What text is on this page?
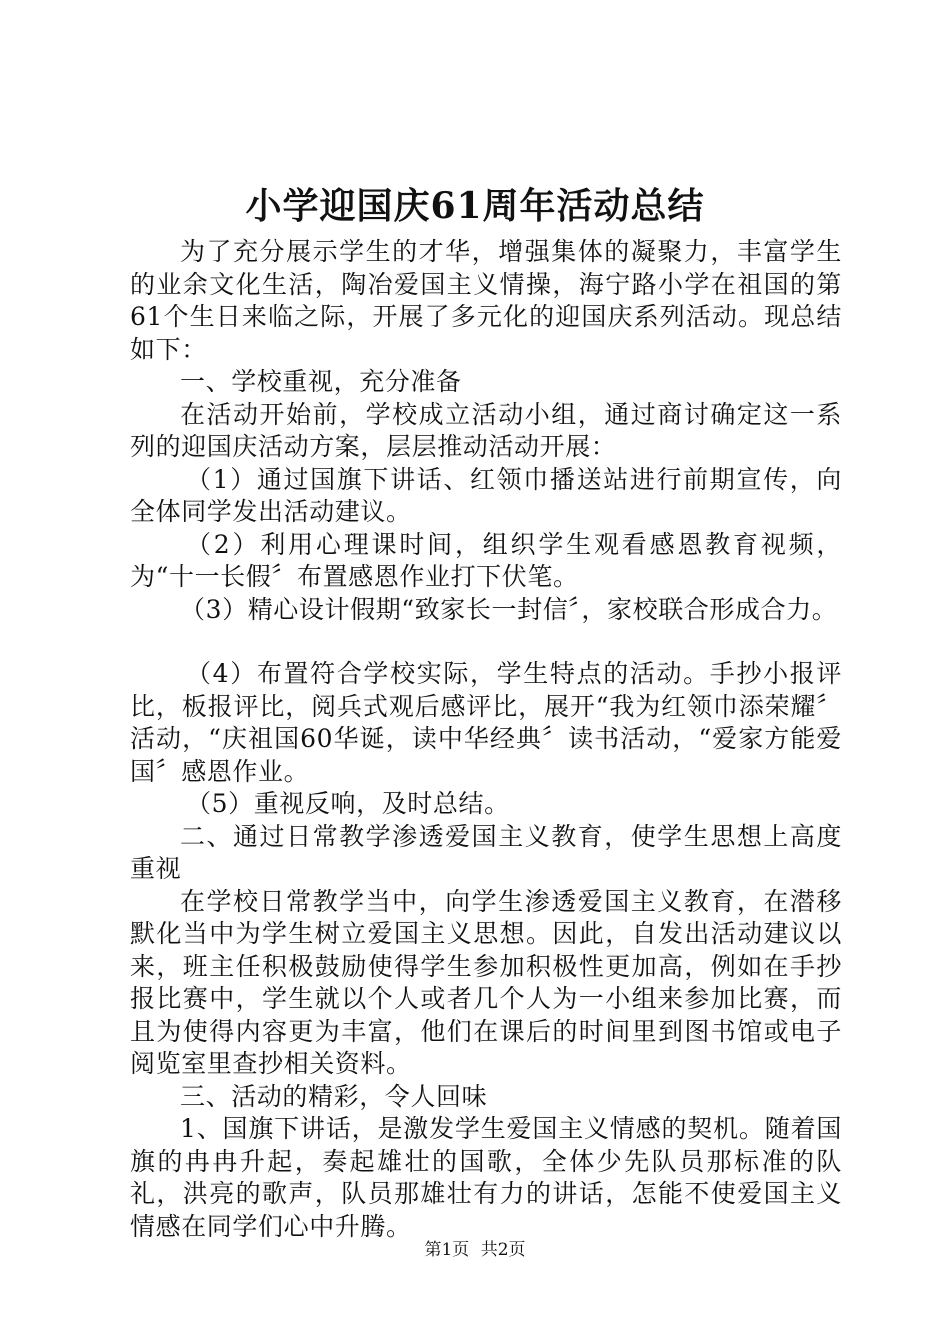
小学迎国庆61周年活动总结

为了充分展示学生的才华，增强集体的凝聚力，丰富学生的业余文化生活，陶冶爱国主义情操，海宁路小学在祖国的第61个生日来临之际，开展了多元化的迎国庆系列活动。现总结如下：

一、学校重视，充分准备

在活动开始前，学校成立活动小组，通过商讨确定这一系列的迎国庆活动方案，层层推动活动开展：

（1）通过国旗下讲话、红领巾播送站进行前期宣传，向全体同学发出活动建议。

（2）利用心理课时间，组织学生观看感恩教育视频，为“十一长假〞布置感恩作业打下伏笔。

（3）精心设计假期“致家长一封信〞，家校联合形成合力。

（4）布置符合学校实际，学生特点的活动。手抄小报评比，板报评比，阅兵式观后感评比，展开“我为红领巾添荣耀〞活动，“庆祖国60华诞，读中华经典〞读书活动，“爱家方能爱国〞感恩作业。

（5）重视反响，及时总结。

二、通过日常教学渗透爱国主义教育，使学生思想上高度重视

在学校日常教学当中，向学生渗透爱国主义教育，在潜移默化当中为学生树立爱国主义思想。因此，自发出活动建议以来，班主任积极鼓励使得学生参加积极性更加高，例如在手抄报比赛中，学生就以个人或者几个人为一小组来参加比赛，而且为使得内容更为丰富，他们在课后的时间里到图书馆或电子阅览室里查抄相关资料。

三、活动的精彩，令人回味

1、国旗下讲话，是激发学生爱国主义情感的契机。随着国旗的冉冉升起，奏起雄壮的国歌，全体少先队员那标准的队礼，洪亮的歌声，队员那雄壮有力的讲话，怎能不使爱国主义情感在同学们心中升腾。

第1页 共2页
